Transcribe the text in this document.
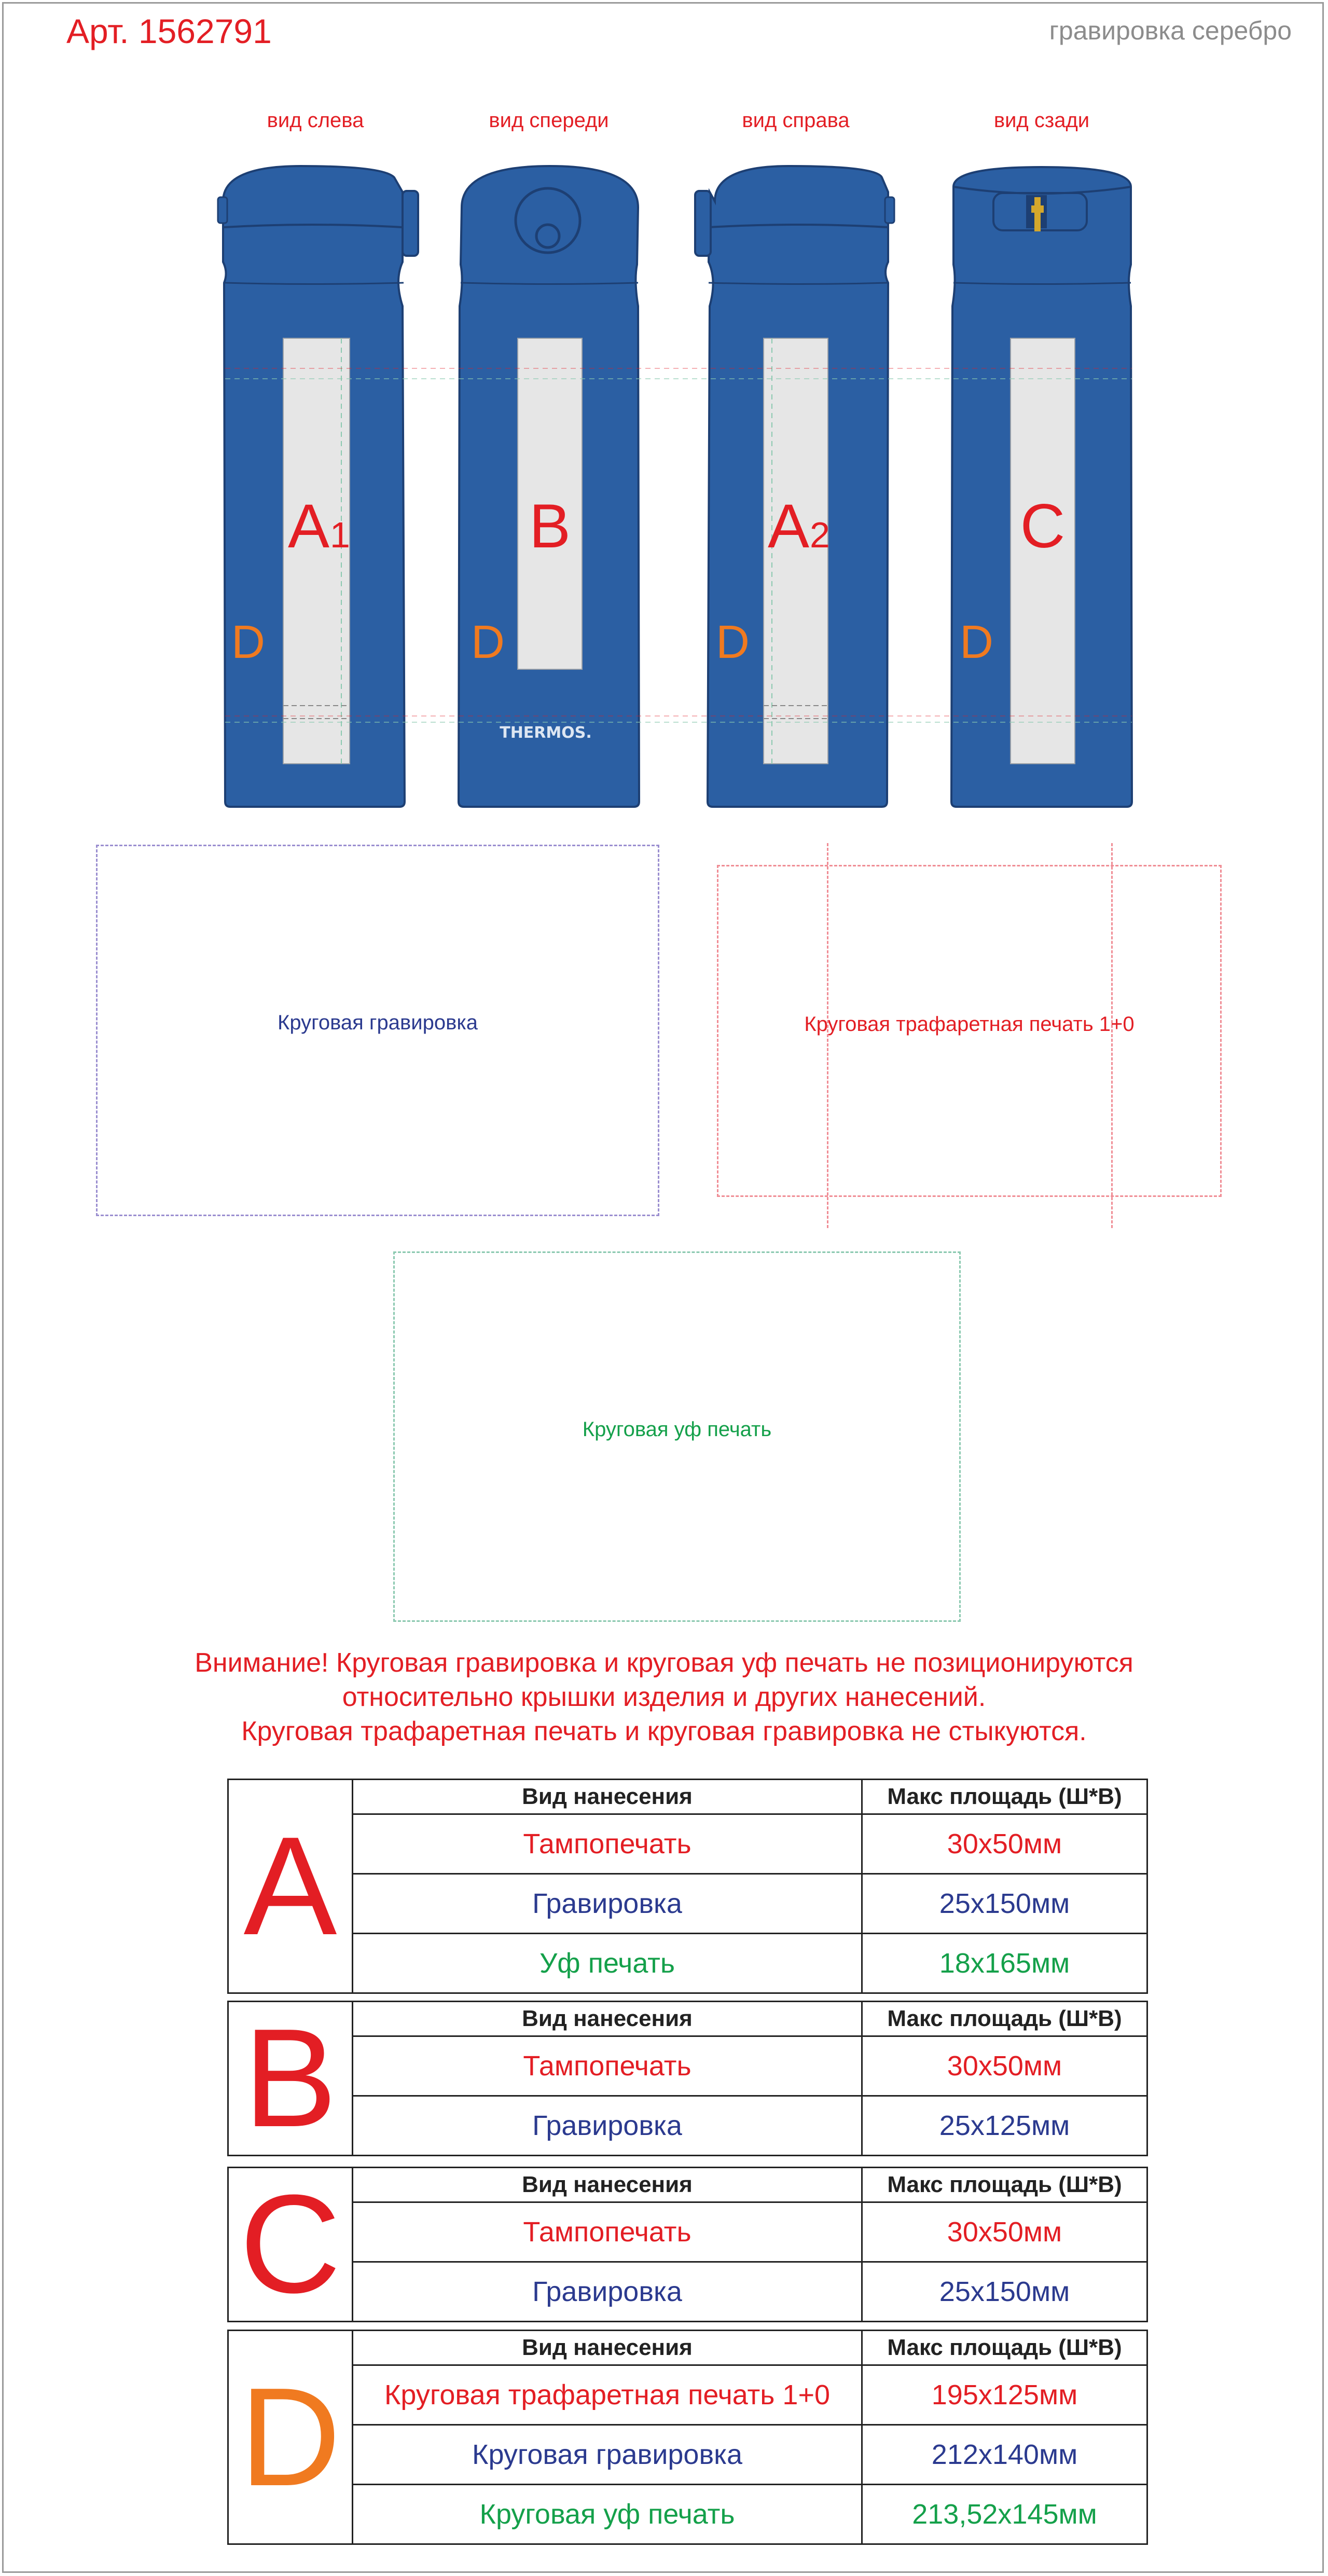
Арт. 1562791	гравировка серебро
вид слева	вид спереди	вид справа	вид сзади
A 1
D
B
D
THERMOS.
A 2
D
C
D
Круговая гравировка	Круговая трафаретная печать 1+0
Круговая уф печать
Внимание! Круговая гравировка и круговая уф печать не позиционируются
относительно крышки изделия и других нанесений.
Круговая трафаретная печать и круговая гравировка не стыкуются.
A	Вид нанесения	Макс площадь (Ш*В)
	Тампопечать	30x50мм
	Гравировка	25x150мм
	Уф печать	18x165мм
B	Вид нанесения	Макс площадь (Ш*В)
	Тампопечать	30x50мм
	Гравировка	25x125мм
C	Вид нанесения	Макс площадь (Ш*В)
	Тампопечать	30x50мм
	Гравировка	25x150мм
D	Вид нанесения	Макс площадь (Ш*В)
	Круговая трафаретная печать 1+0	195x125мм
	Круговая гравировка	212x140мм
	Круговая уф печать	213,52x145мм
